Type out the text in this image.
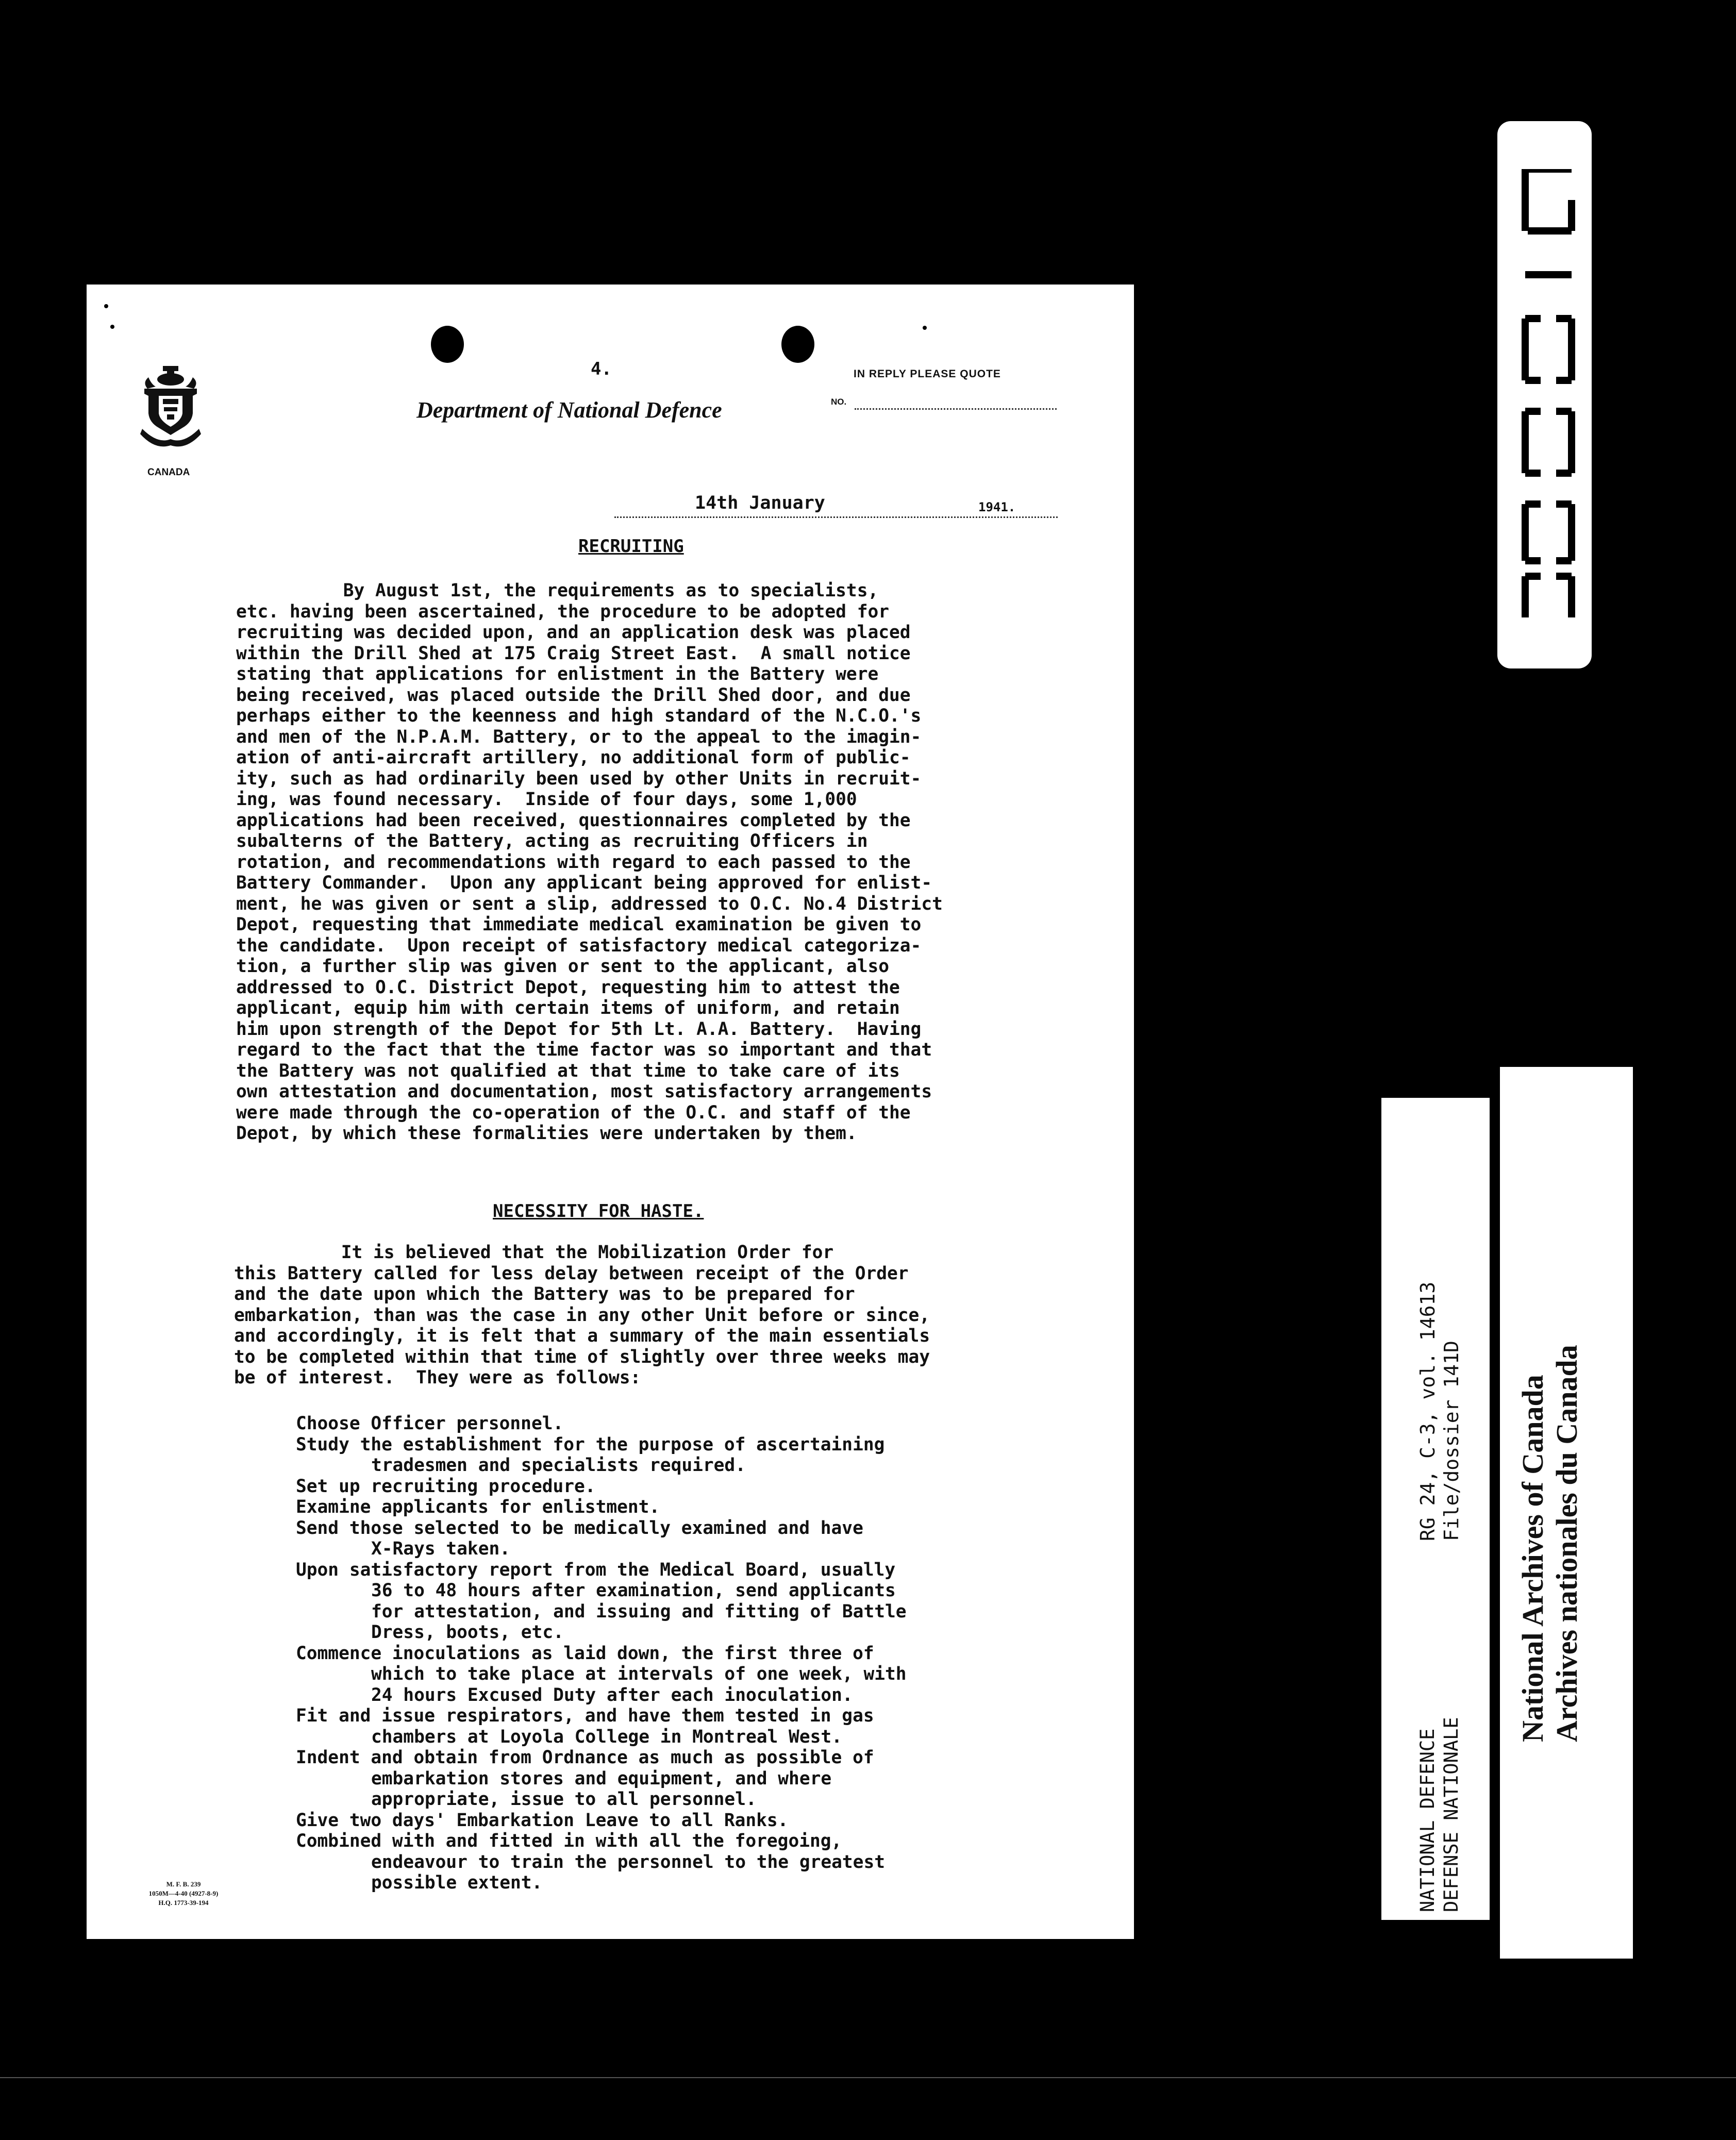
4.	IN REPLY PLEASE QUOTE
NO.
CANADA
Department of National Defence
14th January	1941.
RECRUITING
By August 1st, the requirements as to specialists,
etc. having been ascertained, the procedure to be adopted for
recruiting was decided upon, and an application desk was placed
within the Drill Shed at 175 Craig Street East.  A small notice
stating that applications for enlistment in the Battery were
being received, was placed outside the Drill Shed door, and due
perhaps either to the keenness and high standard of the N.C.O.'s
and men of the N.P.A.M. Battery, or to the appeal to the imagin-
ation of anti-aircraft artillery, no additional form of public-
ity, such as had ordinarily been used by other Units in recruit-
ing, was found necessary.  Inside of four days, some 1,000
applications had been received, questionnaires completed by the
subalterns of the Battery, acting as recruiting Officers in
rotation, and recommendations with regard to each passed to the
Battery Commander.  Upon any applicant being approved for enlist-
ment, he was given or sent a slip, addressed to O.C. No.4 District
Depot, requesting that immediate medical examination be given to
the candidate.  Upon receipt of satisfactory medical categoriza-
tion, a further slip was given or sent to the applicant, also
addressed to O.C. District Depot, requesting him to attest the
applicant, equip him with certain items of uniform, and retain
him upon strength of the Depot for 5th Lt. A.A. Battery.  Having
regard to the fact that the time factor was so important and that
the Battery was not qualified at that time to take care of its
own attestation and documentation, most satisfactory arrangements
were made through the co-operation of the O.C. and staff of the
Depot, by which these formalities were undertaken by them.
NECESSITY FOR HASTE.
It is believed that the Mobilization Order for
this Battery called for less delay between receipt of the Order
and the date upon which the Battery was to be prepared for
embarkation, than was the case in any other Unit before or since,
and accordingly, it is felt that a summary of the main essentials
to be completed within that time of slightly over three weeks may
be of interest.  They were as follows:
Choose Officer personnel.
Study the establishment for the purpose of ascertaining
tradesmen and specialists required.
Set up recruiting procedure.
Examine applicants for enlistment.
Send those selected to be medically examined and have
X-Rays taken.
Upon satisfactory report from the Medical Board, usually
36 to 48 hours after examination, send applicants
for attestation, and issuing and fitting of Battle
Dress, boots, etc.
Commence inoculations as laid down, the first three of
which to take place at intervals of one week, with
24 hours Excused Duty after each inoculation.
Fit and issue respirators, and have them tested in gas
chambers at Loyola College in Montreal West.
Indent and obtain from Ordnance as much as possible of
embarkation stores and equipment, and where
appropriate, issue to all personnel.
Give two days' Embarkation Leave to all Ranks.
Combined with and fitted in with all the foregoing,
endeavour to train the personnel to the greatest
possible extent.
M. F. B. 239
1050M—4-40 (4927-8-9)
H.Q. 1773-39-194
RG 24, C-3, vol. 14613 File/dossier 141D
NATIONAL DEFENCE DEFENSE NATIONALE
National Archives of Canada Archives nationales du Canada
